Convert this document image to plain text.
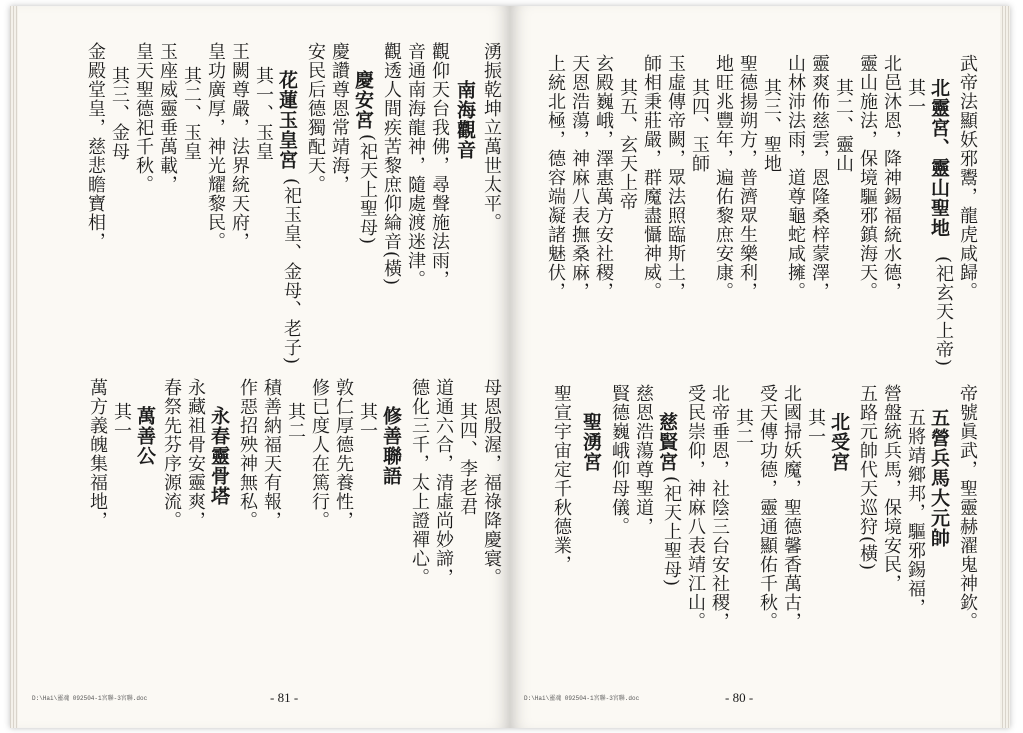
湧振乾坤立萬世太平。
南海觀音
觀仰天台我佛，尋聲施法雨，
音通南海龍神，隨處渡迷津。
觀透人間疾苦黎庶仰綸音(橫)
慶安宮
(祀天上聖母)
慶讚尊恩常靖海，
安民后德獨配天。
花蓮玉皇宮
(祀玉皇、金母、老子)
其一、玉皇
王闕尊嚴，法界統天府，
皇功廣厚，神光耀黎民。
其二、玉皇
玉座威靈垂萬載，
皇天聖德祀千秋。
其三、金母
金殿堂皇，慈悲瞻寶相，
母恩殷渥，福祿降慶寰。
其四、李老君
道通六合，清虛尚妙諦，
德化三千，太上證禪心。
修善聯語
其一
敦仁厚德先養性，
修已度人在篤行。
其二
積善納福天有報，
作惡招殃神無私。
永春靈骨塔
永藏祖骨安靈爽，
春祭先芬序源流。
萬善公
其一
萬方義魄集福地，
D:\Hai\靈魂 092504-1宮聯-3宮聯.doc	- 81 -
武帝法顯妖邪鬻，龍虎咸歸。
北靈宮、靈山聖地
(祀玄天上帝)
其一
北邑沐恩，降神錫福統水德，
靈山施法，保境驅邪鎮海天。
其二、靈山
靈爽佈慈雲，恩隆桑梓蒙澤，
山林沛法雨，道尊龜蛇咸擁。
其三、聖地
聖德揚朔方，普濟眾生樂利，
地旺兆豐年，遍佑黎庶安康。
其四、玉師
玉虛傳帝闕，眾法照臨斯土，
師相秉莊嚴，群魔盡懾神威。
其五、玄天上帝
玄殿巍峨，澤惠萬方安社稷，
天恩浩蕩，神麻八表撫桑麻，
上統北極，德容端凝諸魅伏，
帝號眞武，聖靈赫濯鬼神欽。
五營兵馬大元帥
五將靖鄉邦，驅邪錫福，
營盤統兵馬，保境安民，
五路元帥代天巡狩(橫)
北受宮
其一
北國掃妖魔，聖德馨香萬古，
受天傳功德，靈通顯佑千秋。
其二
北帝垂恩，社陰三台安社稷，
受民崇仰，神麻八表靖江山。
慈賢宮
(祀天上聖母)
慈恩浩蕩尊聖道，
賢德巍峨仰母儀。
聖湧宮
聖宣宇宙定千秋德業，
D:\Hai\靈魂 092504-1宮聯-3宮聯.doc	- 80 -
